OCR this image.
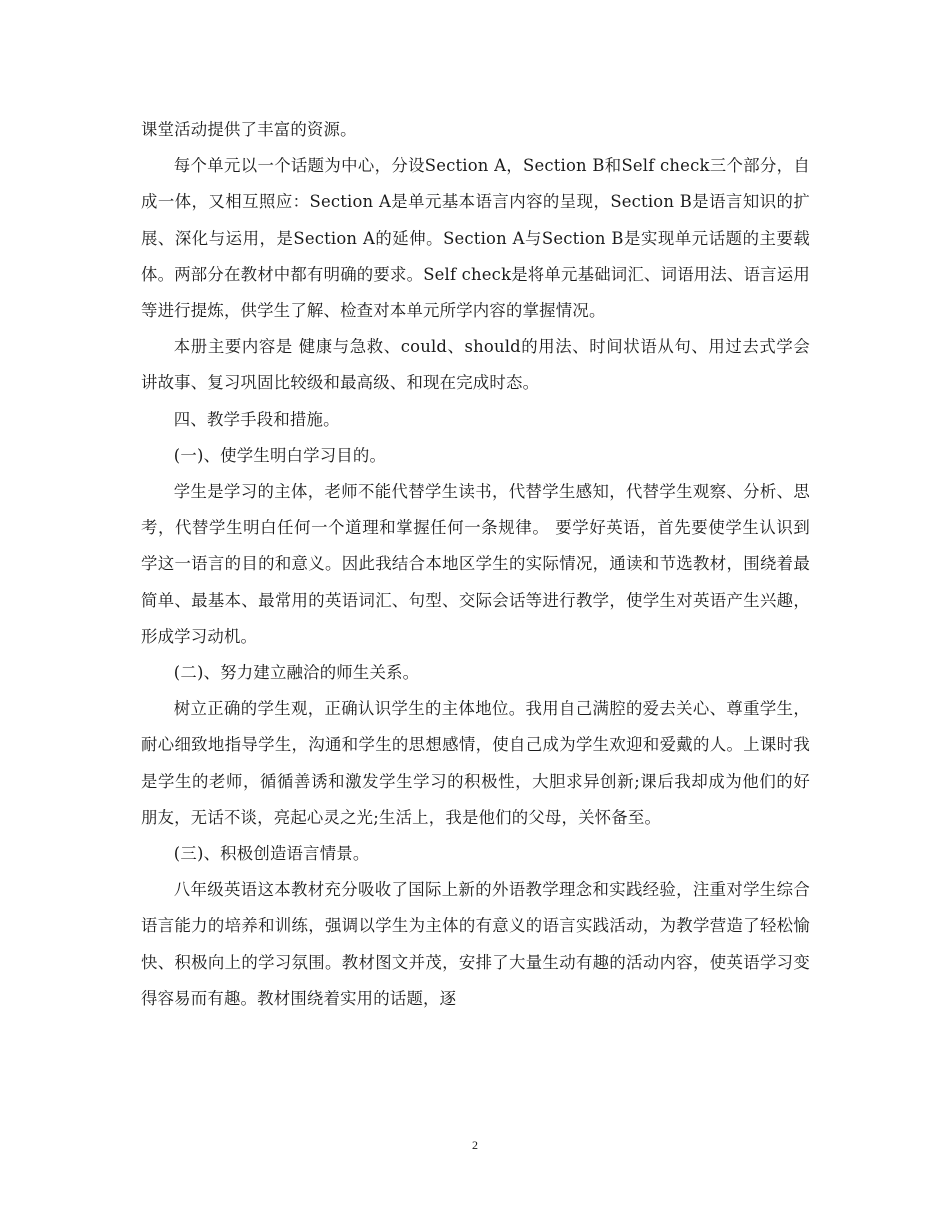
课堂活动提供了丰富的资源。

每个单元以一个话题为中心，分设Section A，Section B和Self check三个部分，自成一体，又相互照应：Section A是单元基本语言内容的呈现，Section B是语言知识的扩展、深化与运用，是Section A的延伸。Section A与Section B是实现单元话题的主要载体。两部分在教材中都有明确的要求。Self check是将单元基础词汇、词语用法、语言运用等进行提炼，供学生了解、检查对本单元所学内容的掌握情况。

本册主要内容是 健康与急救、could、should的用法、时间状语从句、用过去式学会讲故事、复习巩固比较级和最高级、和现在完成时态。

四、教学手段和措施。

(一)、使学生明白学习目的。

学生是学习的主体，老师不能代替学生读书，代替学生感知，代替学生观察、分析、思考，代替学生明白任何一个道理和掌握任何一条规律。 要学好英语，首先要使学生认识到学这一语言的目的和意义。因此我结合本地区学生的实际情况，通读和节选教材，围绕着最简单、最基本、最常用的英语词汇、句型、交际会话等进行教学，使学生对英语产生兴趣，形成学习动机。

(二)、努力建立融洽的师生关系。

树立正确的学生观，正确认识学生的主体地位。我用自己满腔的爱去关心、尊重学生，耐心细致地指导学生，沟通和学生的思想感情，使自己成为学生欢迎和爱戴的人。上课时我是学生的老师，循循善诱和激发学生学习的积极性，大胆求异创新;课后我却成为他们的好朋友，无话不谈，亮起心灵之光;生活上，我是他们的父母，关怀备至。

(三)、积极创造语言情景。

八年级英语这本教材充分吸收了国际上新的外语教学理念和实践经验，注重对学生综合语言能力的培养和训练，强调以学生为主体的有意义的语言实践活动，为教学营造了轻松愉快、积极向上的学习氛围。教材图文并茂，安排了大量生动有趣的活动内容，使英语学习变得容易而有趣。教材围绕着实用的话题，逐

2
